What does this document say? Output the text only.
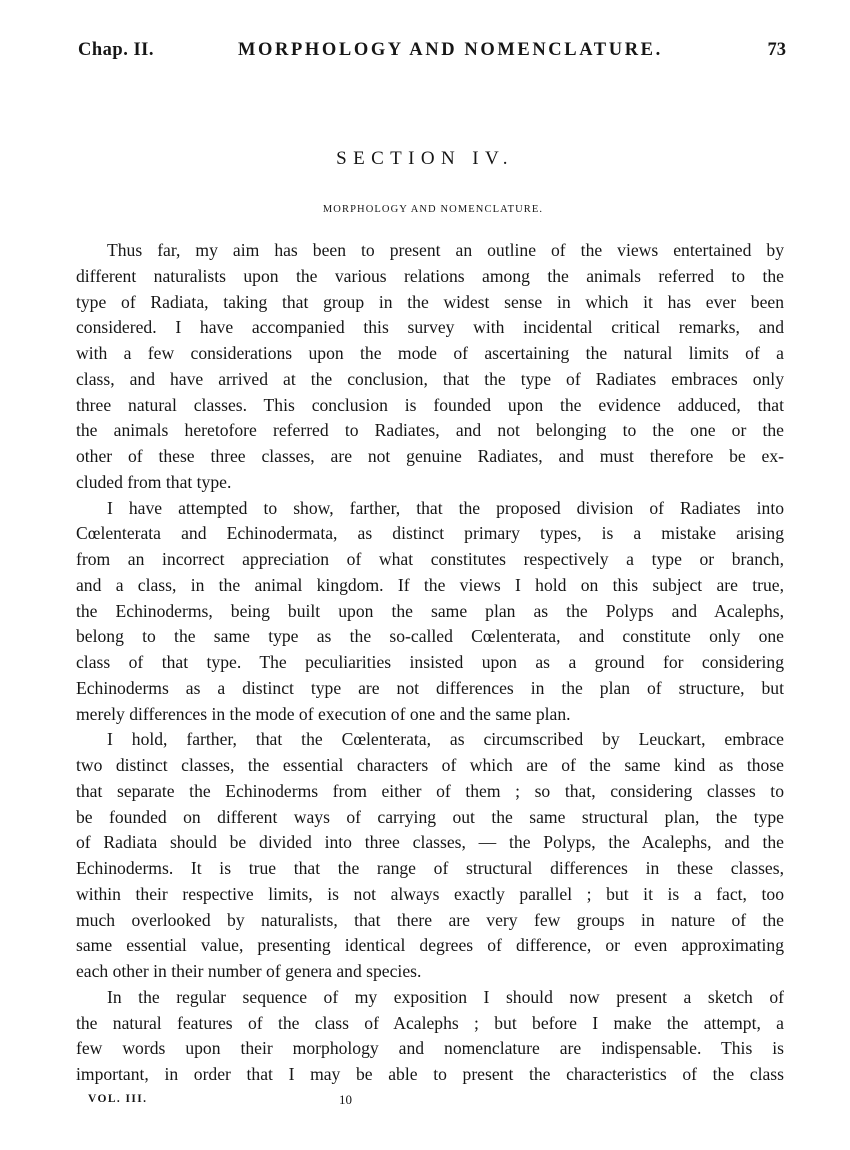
Chap. II.	MORPHOLOGY AND NOMENCLATURE.	73
SECTION IV.
MORPHOLOGY AND NOMENCLATURE.
Thus far, my aim has been to present an outline of the views entertained by
different naturalists upon the various relations among the animals referred to the
type of Radiata, taking that group in the widest sense in which it has ever been
considered. I have accompanied this survey with incidental critical remarks, and
with a few considerations upon the mode of ascertaining the natural limits of a
class, and have arrived at the conclusion, that the type of Radiates embraces only
three natural classes. This conclusion is founded upon the evidence adduced, that
the animals heretofore referred to Radiates, and not belonging to the one or the
other of these three classes, are not genuine Radiates, and must therefore be ex-
cluded from that type.
I have attempted to show, farther, that the proposed division of Radiates into
Cœlenterata and Echinodermata, as distinct primary types, is a mistake arising
from an incorrect appreciation of what constitutes respectively a type or branch,
and a class, in the animal kingdom. If the views I hold on this subject are true,
the Echinoderms, being built upon the same plan as the Polyps and Acalephs,
belong to the same type as the so-called Cœlenterata, and constitute only one
class of that type. The peculiarities insisted upon as a ground for considering
Echinoderms as a distinct type are not differences in the plan of structure, but
merely differences in the mode of execution of one and the same plan.
I hold, farther, that the Cœlenterata, as circumscribed by Leuckart, embrace
two distinct classes, the essential characters of which are of the same kind as those
that separate the Echinoderms from either of them ; so that, considering classes to
be founded on different ways of carrying out the same structural plan, the type
of Radiata should be divided into three classes, — the Polyps, the Acalephs, and the
Echinoderms. It is true that the range of structural differences in these classes,
within their respective limits, is not always exactly parallel ; but it is a fact, too
much overlooked by naturalists, that there are very few groups in nature of the
same essential value, presenting identical degrees of difference, or even approximating
each other in their number of genera and species.
In the regular sequence of my exposition I should now present a sketch of
the natural features of the class of Acalephs ; but before I make the attempt, a
few words upon their morphology and nomenclature are indispensable. This is
important, in order that I may be able to present the characteristics of the class
VOL. III.	10
